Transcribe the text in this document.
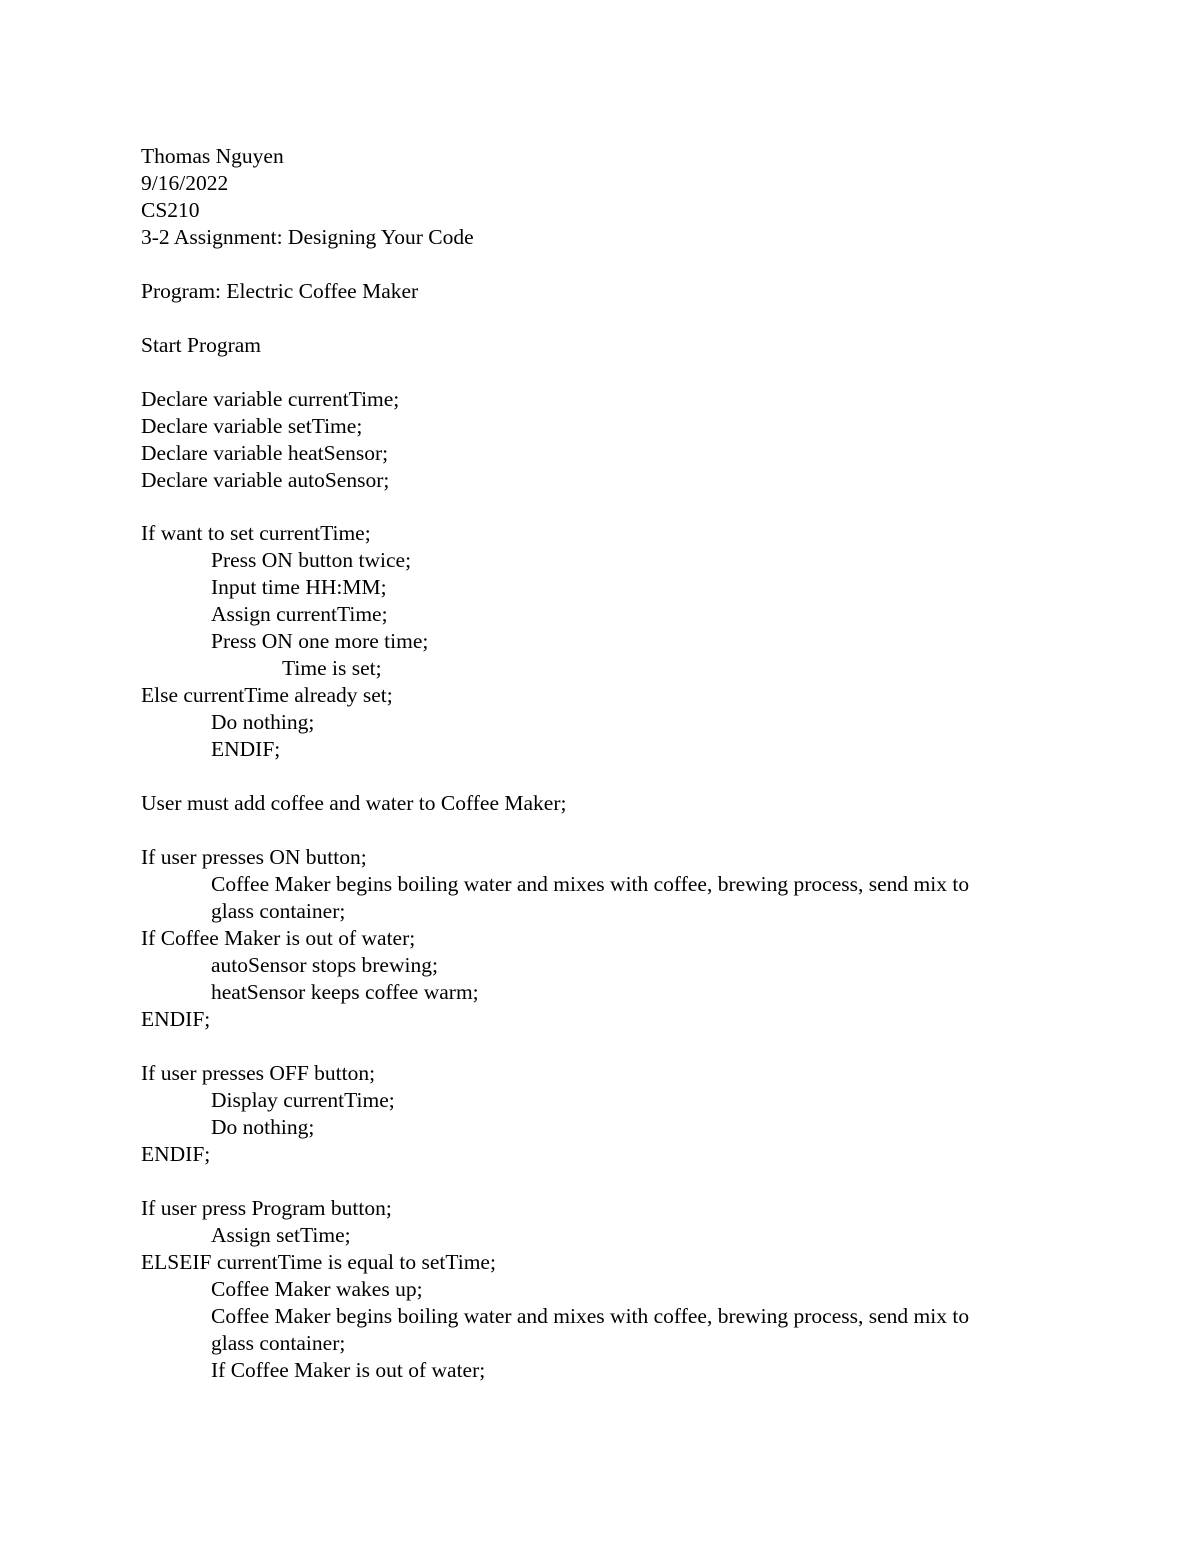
Thomas Nguyen
9/16/2022
CS210
3-2 Assignment: Designing Your Code
Program: Electric Coffee Maker
Start Program
Declare variable currentTime;
Declare variable setTime;
Declare variable heatSensor;
Declare variable autoSensor;
If want to set currentTime;
Press ON button twice;
Input time HH:MM;
Assign currentTime;
Press ON one more time;
Time is set;
Else currentTime already set;
Do nothing;
ENDIF;
User must add coffee and water to Coffee Maker;
If user presses ON button;
Coffee Maker begins boiling water and mixes with coffee, brewing process, send mix to
glass container;
If Coffee Maker is out of water;
autoSensor stops brewing;
heatSensor keeps coffee warm;
ENDIF;
If user presses OFF button;
Display currentTime;
Do nothing;
ENDIF;
If user press Program button;
Assign setTime;
ELSEIF currentTime is equal to setTime;
Coffee Maker wakes up;
Coffee Maker begins boiling water and mixes with coffee, brewing process, send mix to
glass container;
If Coffee Maker is out of water;
